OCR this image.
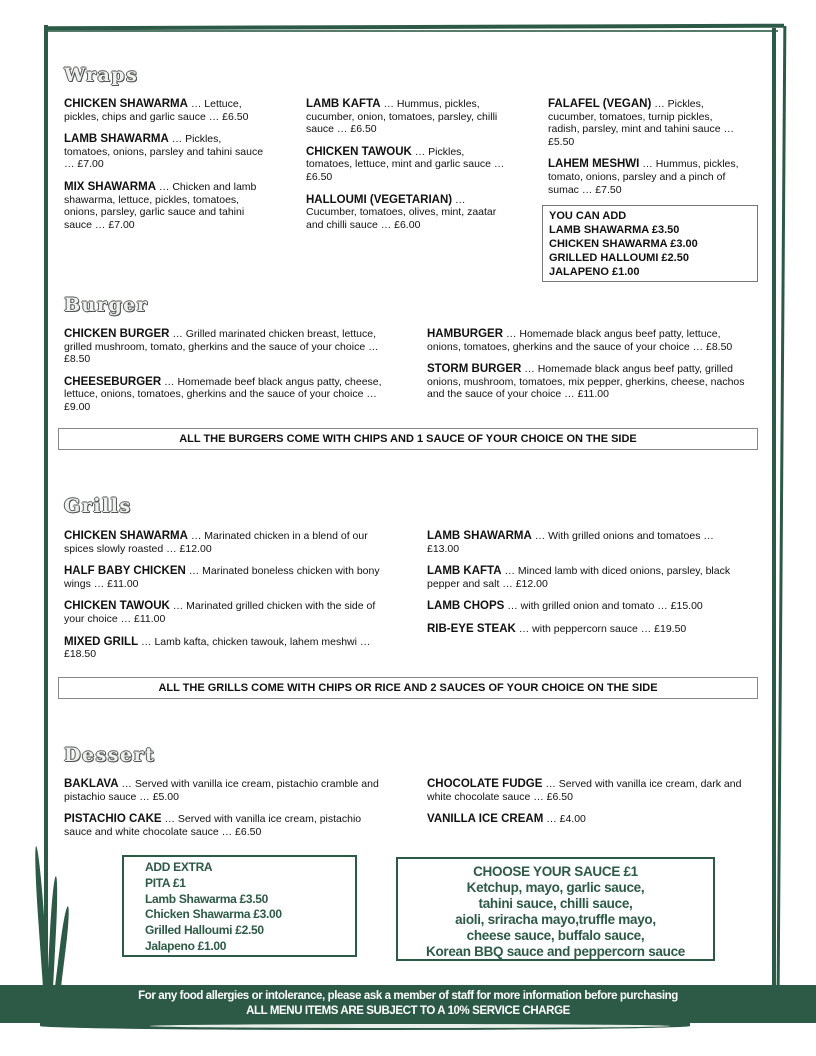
Wraps
CHICKEN SHAWARMA … Lettuce, pickles, chips and garlic sauce … £6.50
LAMB SHAWARMA … Pickles, tomatoes, onions, parsley and tahini sauce … £7.00
MIX SHAWARMA … Chicken and lamb shawarma, lettuce, pickles, tomatoes, onions, parsley, garlic sauce and tahini sauce … £7.00
LAMB KAFTA … Hummus, pickles, cucumber, onion, tomatoes, parsley, chilli sauce … £6.50
CHICKEN TAWOUK … Pickles, tomatoes, lettuce, mint and garlic sauce … £6.50
HALLOUMI (VEGETARIAN) … Cucumber, tomatoes, olives, mint, zaatar and chilli sauce … £6.00
FALAFEL (VEGAN) … Pickles, cucumber, tomatoes, turnip pickles, radish, parsley, mint and tahini sauce … £5.50
LAHEM MESHWI … Hummus, pickles, tomato, onions, parsley and a pinch of sumac … £7.50
YOU CAN ADD
LAMB SHAWARMA £3.50
CHICKEN SHAWARMA £3.00
GRILLED HALLOUMI £2.50
JALAPENO £1.00
Burger
CHICKEN BURGER … Grilled marinated chicken breast, lettuce, grilled mushroom, tomato, gherkins and the sauce of your choice … £8.50
CHEESEBURGER … Homemade beef black angus patty, cheese, lettuce, onions, tomatoes, gherkins and the sauce of your choice … £9.00
HAMBURGER … Homemade black angus beef patty, lettuce, onions, tomatoes, gherkins and the sauce of your choice … £8.50
STORM BURGER … Homemade black angus beef patty, grilled onions, mushroom, tomatoes, mix pepper, gherkins, cheese, nachos and the sauce of your choice … £11.00
ALL THE BURGERS COME WITH CHIPS AND 1 SAUCE OF YOUR CHOICE ON THE SIDE
Grills
CHICKEN SHAWARMA … Marinated chicken in a blend of our spices slowly roasted … £12.00
HALF BABY CHICKEN … Marinated boneless chicken with bony wings … £11.00
CHICKEN TAWOUK … Marinated grilled chicken with the side of your choice … £11.00
MIXED GRILL … Lamb kafta, chicken tawouk, lahem meshwi … £18.50
LAMB SHAWARMA … With grilled onions and tomatoes … £13.00
LAMB KAFTA … Minced lamb with diced onions, parsley, black pepper and salt … £12.00
LAMB CHOPS … with grilled onion and tomato … £15.00
RIB-EYE STEAK … with peppercorn sauce … £19.50
ALL THE GRILLS COME WITH CHIPS OR RICE AND 2 SAUCES OF YOUR CHOICE ON THE SIDE
Dessert
BAKLAVA … Served with vanilla ice cream, pistachio cramble and pistachio sauce … £5.00
PISTACHIO CAKE … Served with vanilla ice cream, pistachio sauce and white chocolate sauce … £6.50
CHOCOLATE FUDGE … Served with vanilla ice cream, dark and white chocolate sauce … £6.50
VANILLA ICE CREAM … £4.00
ADD EXTRA
PITA £1
Lamb Shawarma £3.50
Chicken Shawarma £3.00
Grilled Halloumi £2.50
Jalapeno £1.00
CHOOSE YOUR SAUCE £1
Ketchup, mayo, garlic sauce,
tahini sauce, chilli sauce,
aioli, sriracha mayo,truffle mayo,
cheese sauce, buffalo sauce,
Korean BBQ sauce and peppercorn sauce
For any food allergies or intolerance, please ask a member of staff for more information before purchasing
ALL MENU ITEMS ARE SUBJECT TO A 10% SERVICE CHARGE
